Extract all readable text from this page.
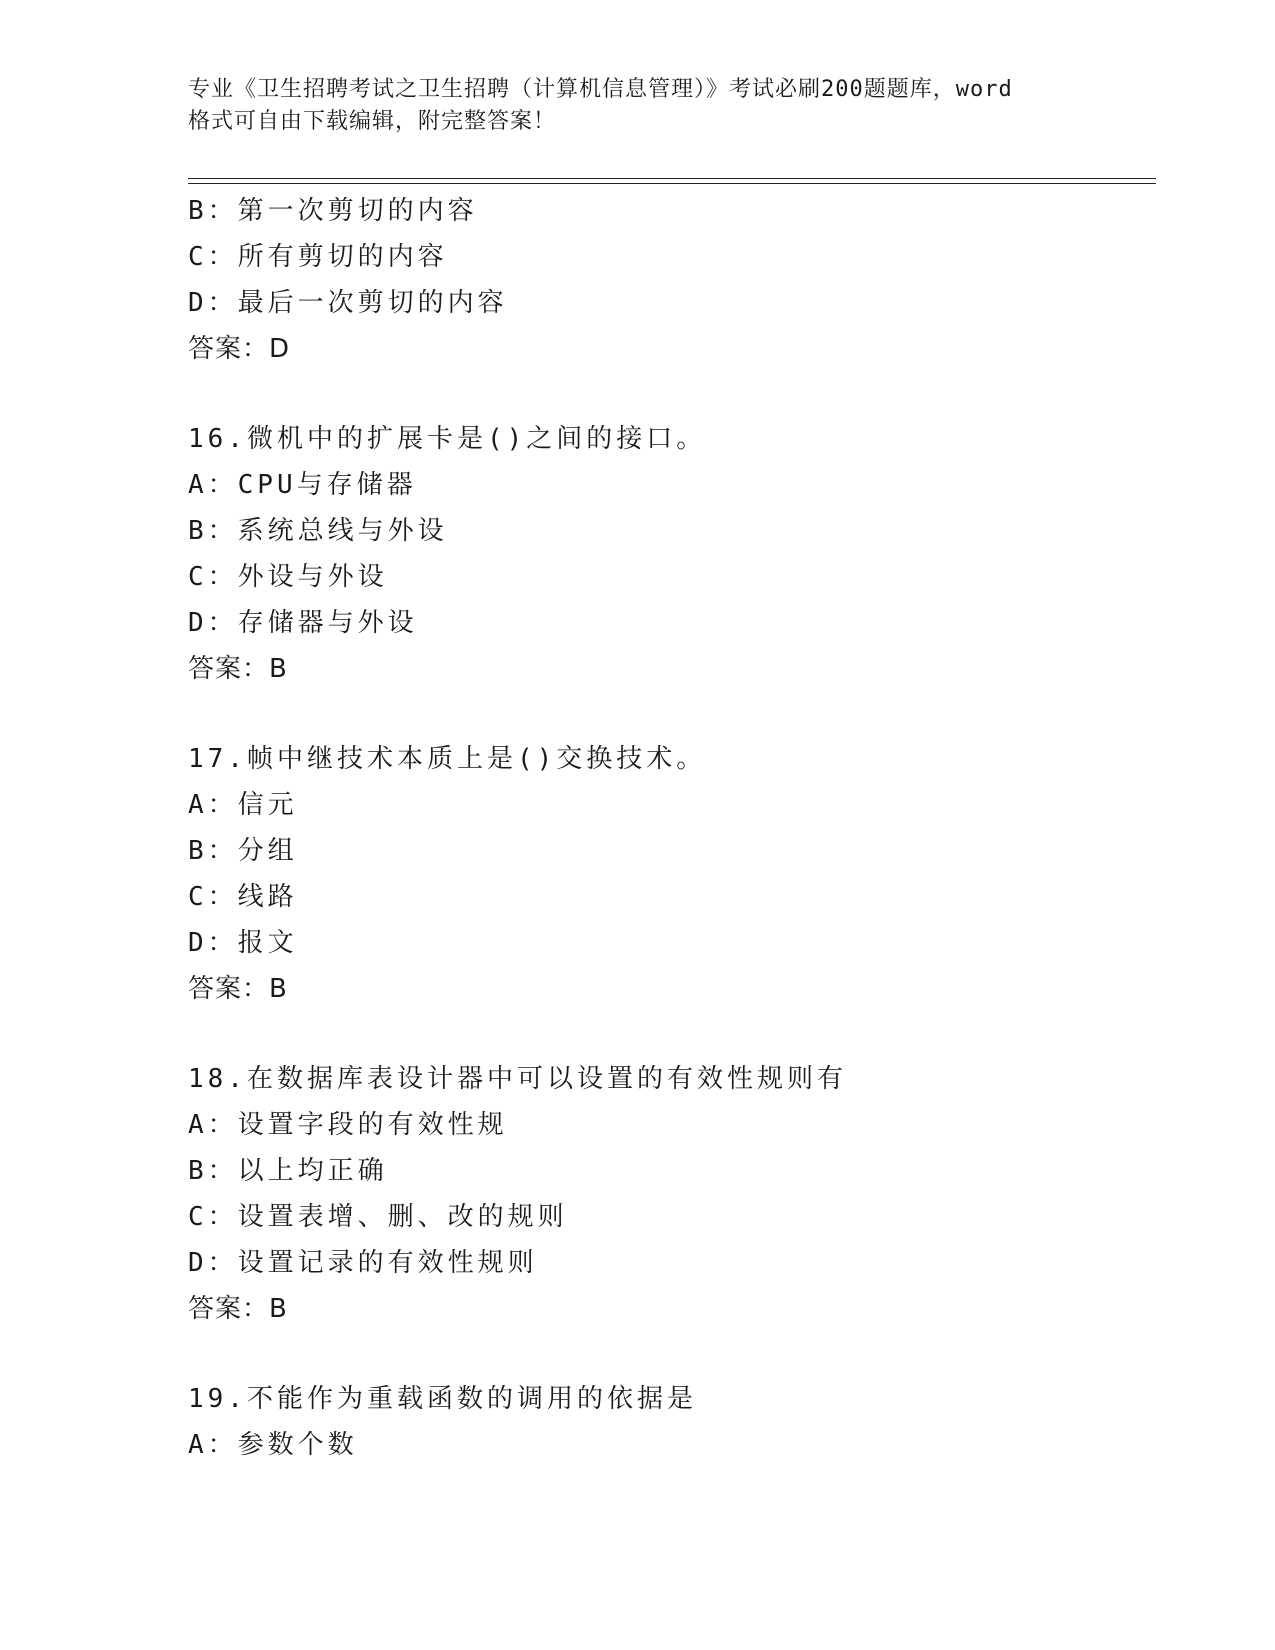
专业《卫生招聘考试之卫生招聘（计算机信息管理）》考试必刷200题题库，word
格式可自由下载编辑，附完整答案！
B：第一次剪切的内容
C：所有剪切的内容
D：最后一次剪切的内容
答案：D
16.微机中的扩展卡是()之间的接口。
A：CPU与存储器
B：系统总线与外设
C：外设与外设
D：存储器与外设
答案：B
17.帧中继技术本质上是()交换技术。
A：信元
B：分组
C：线路
D：报文
答案：B
18.在数据库表设计器中可以设置的有效性规则有
A：设置字段的有效性规
B：以上均正确
C：设置表增、删、改的规则
D：设置记录的有效性规则
答案：B
19.不能作为重载函数的调用的依据是
A：参数个数
